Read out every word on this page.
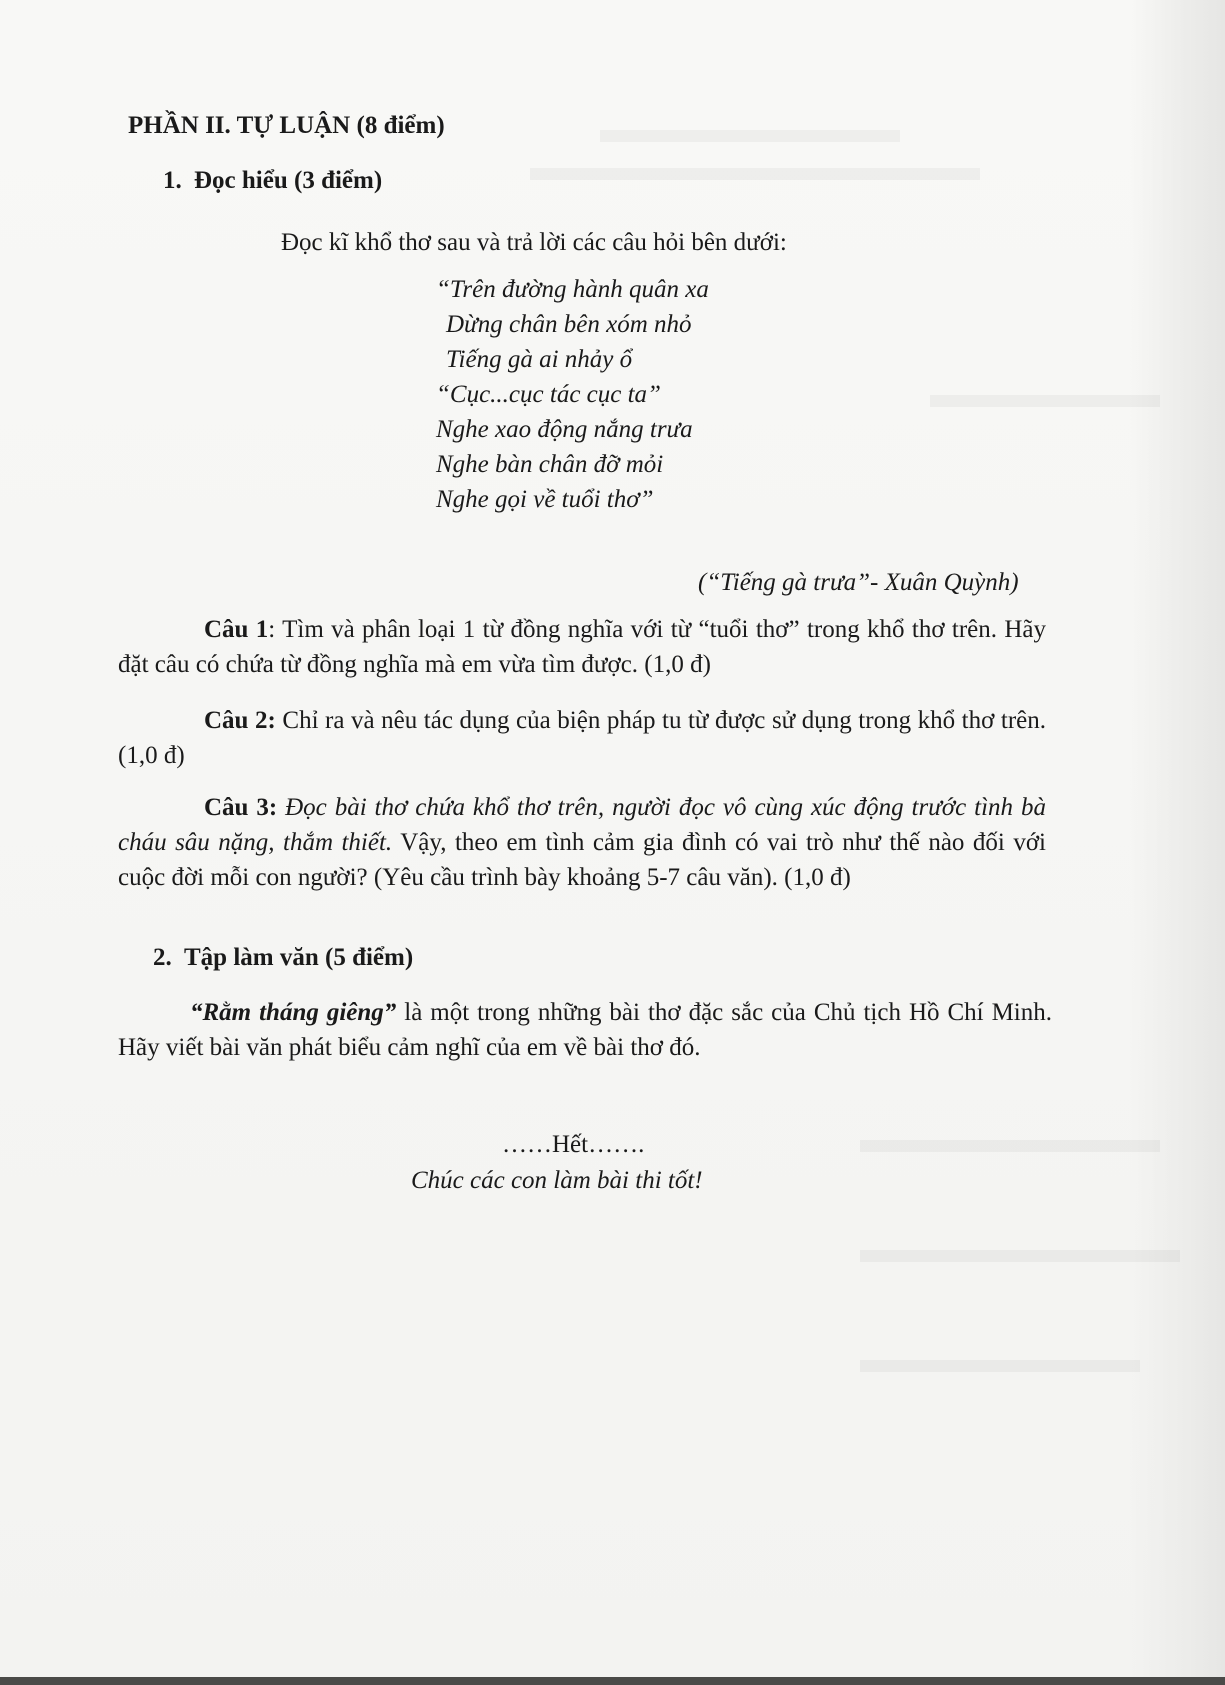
PHẦN II. TỰ LUẬN (8 điểm)
1. Đọc hiểu (3 điểm)
Đọc kĩ khổ thơ sau và trả lời các câu hỏi bên dưới:
“Trên đường hành quân xa
Dừng chân bên xóm nhỏ
Tiếng gà ai nhảy ổ
“Cục...cục tác cục ta”
Nghe xao động nắng trưa
Nghe bàn chân đỡ mỏi
Nghe gọi về tuổi thơ”
(“Tiếng gà trưa”- Xuân Quỳnh)

Câu 1: Tìm và phân loại 1 từ đồng nghĩa với từ “tuổi thơ” trong khổ thơ trên. Hãy đặt câu có chứa từ đồng nghĩa mà em vừa tìm được. (1,0 đ)

Câu 2: Chỉ ra và nêu tác dụng của biện pháp tu từ được sử dụng trong khổ thơ trên. (1,0 đ)

Câu 3: Đọc bài thơ chứa khổ thơ trên, người đọc vô cùng xúc động trước tình bà cháu sâu nặng, thắm thiết. Vậy, theo em tình cảm gia đình có vai trò như thế nào đối với cuộc đời mỗi con người? (Yêu cầu trình bày khoảng 5-7 câu văn). (1,0 đ)

2. Tập làm văn (5 điểm)

“Rằm tháng giêng” là một trong những bài thơ đặc sắc của Chủ tịch Hồ Chí Minh. Hãy viết bài văn phát biểu cảm nghĩ của em về bài thơ đó.

……Hết…….
Chúc các con làm bài thi tốt!
